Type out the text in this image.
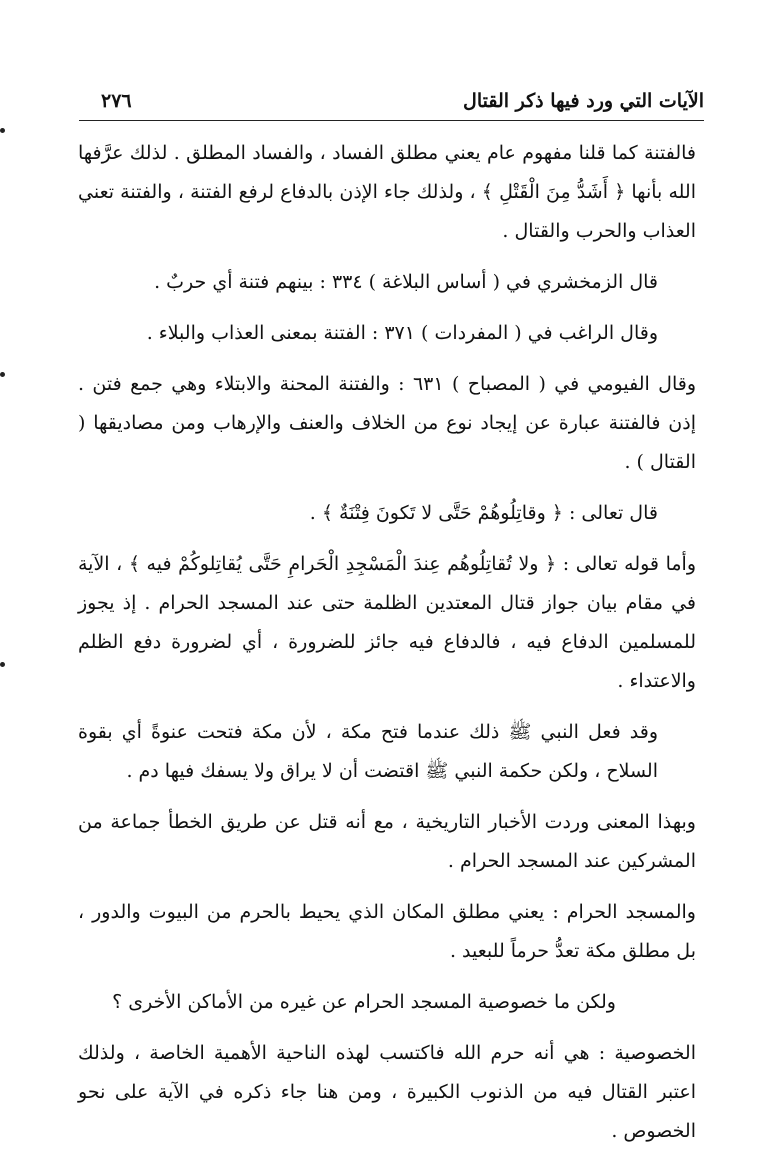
الآيات التي ورد فيها ذكر القتال
٢٧٦

فالفتنة كما قلنا مفهوم عام يعني مطلق الفساد ، والفساد المطلق . لذلك عرَّفها الله بأنها ﴿ أَشَدُّ مِنَ الْقَتْلِ ﴾ ، ولذلك جاء الإذن بالدفاع لرفع الفتنة ، والفتنة تعني العذاب والحرب والقتال .

قال الزمخشري في ( أساس البلاغة ) ٣٣٤ : بينهم فتنة أي حربٌ .

وقال الراغب في ( المفردات ) ٣٧١ : الفتنة بمعنى العذاب والبلاء .

وقال الفيومي في ( المصباح ) ٦٣١ : والفتنة المحنة والابتلاء وهي جمع فتن . إذن فالفتنة عبارة عن إيجاد نوع من الخلاف والعنف والإرهاب ومن مصاديقها ( القتال ) .

قال تعالى : ﴿ وقاتِلُوهُمْ حَتَّى لا تَكونَ فِتْنَةٌ ﴾ .

وأما قوله تعالى : ﴿ ولا تُقاتِلُوهُم عِندَ الْمَسْجِدِ الْحَرامِ حَتَّى يُقاتِلوكُمْ فيه ﴾ ، الآية في مقام بيان جواز قتال المعتدين الظلمة حتى عند المسجد الحرام . إذ يجوز للمسلمين الدفاع فيه ، فالدفاع فيه جائز للضرورة ، أي لضرورة دفع الظلم والاعتداء .

وقد فعل النبي ﷺ ذلك عندما فتح مكة ، لأن مكة فتحت عنوةً أي بقوة السلاح ، ولكن حكمة النبي ﷺ اقتضت أن لا يراق ولا يسفك فيها دم .

وبهذا المعنى وردت الأخبار التاريخية ، مع أنه قتل عن طريق الخطأ جماعة من المشركين عند المسجد الحرام .

والمسجد الحرام : يعني مطلق المكان الذي يحيط بالحرم من البيوت والدور ، بل مطلق مكة تعدُّ حرماً للبعيد .

ولكن ما خصوصية المسجد الحرام عن غيره من الأماكن الأخرى ؟

الخصوصية : هي أنه حرم الله فاكتسب لهذه الناحية الأهمية الخاصة ، ولذلك اعتبر القتال فيه من الذنوب الكبيرة ، ومن هنا جاء ذكره في الآية على نحو الخصوص .
